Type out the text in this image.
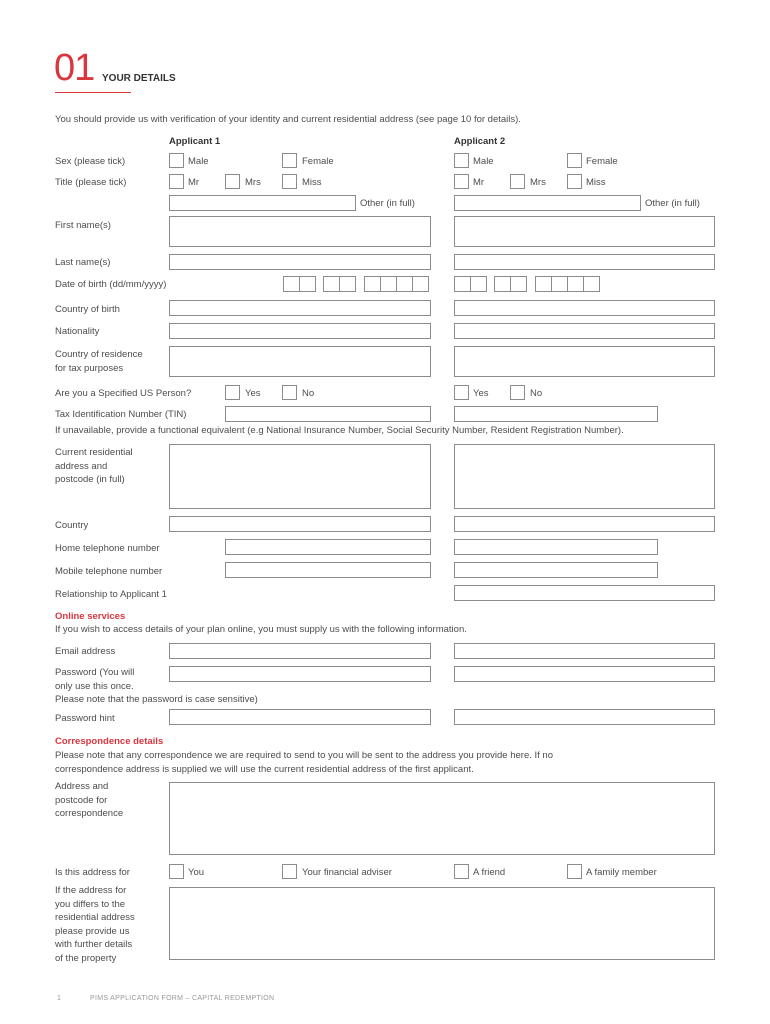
01 YOUR DETAILS
You should provide us with verification of your identity and current residential address (see page 10 for details).
Applicant 1	Applicant 2
Sex (please tick)	Male	Female	Male	Female
Title (please tick)	Mr	Mrs	Miss	Mr	Mrs	Miss
Other (in full)	Other (in full)
First name(s)
Last name(s)
Date of birth (dd/mm/yyyy)
Country of birth
Nationality
Country of residence
for tax purposes
Are you a Specified US Person?	Yes	No	Yes	No
Tax Identification Number (TIN)
If unavailable, provide a functional equivalent (e.g National Insurance Number, Social Security Number, Resident Registration Number).
Current residential
address and
postcode (in full)
Country
Home telephone number
Mobile telephone number
Relationship to Applicant 1
Online services
If you wish to access details of your plan online, you must supply us with the following information.
Email address
Password (You will
only use this once.
Please note that the password is case sensitive)
Password hint
Correspondence details
Please note that any correspondence we are required to send to you will be sent to the address you provide here. If no
correspondence address is supplied we will use the current residential address of the first applicant.
Address and
postcode for
correspondence
Is this address for	You	Your financial adviser	A friend	A family member
If the address for
you differs to the
residential address
please provide us
with further details
of the property
1	PIMS APPLICATION FORM – CAPITAL REDEMPTION
